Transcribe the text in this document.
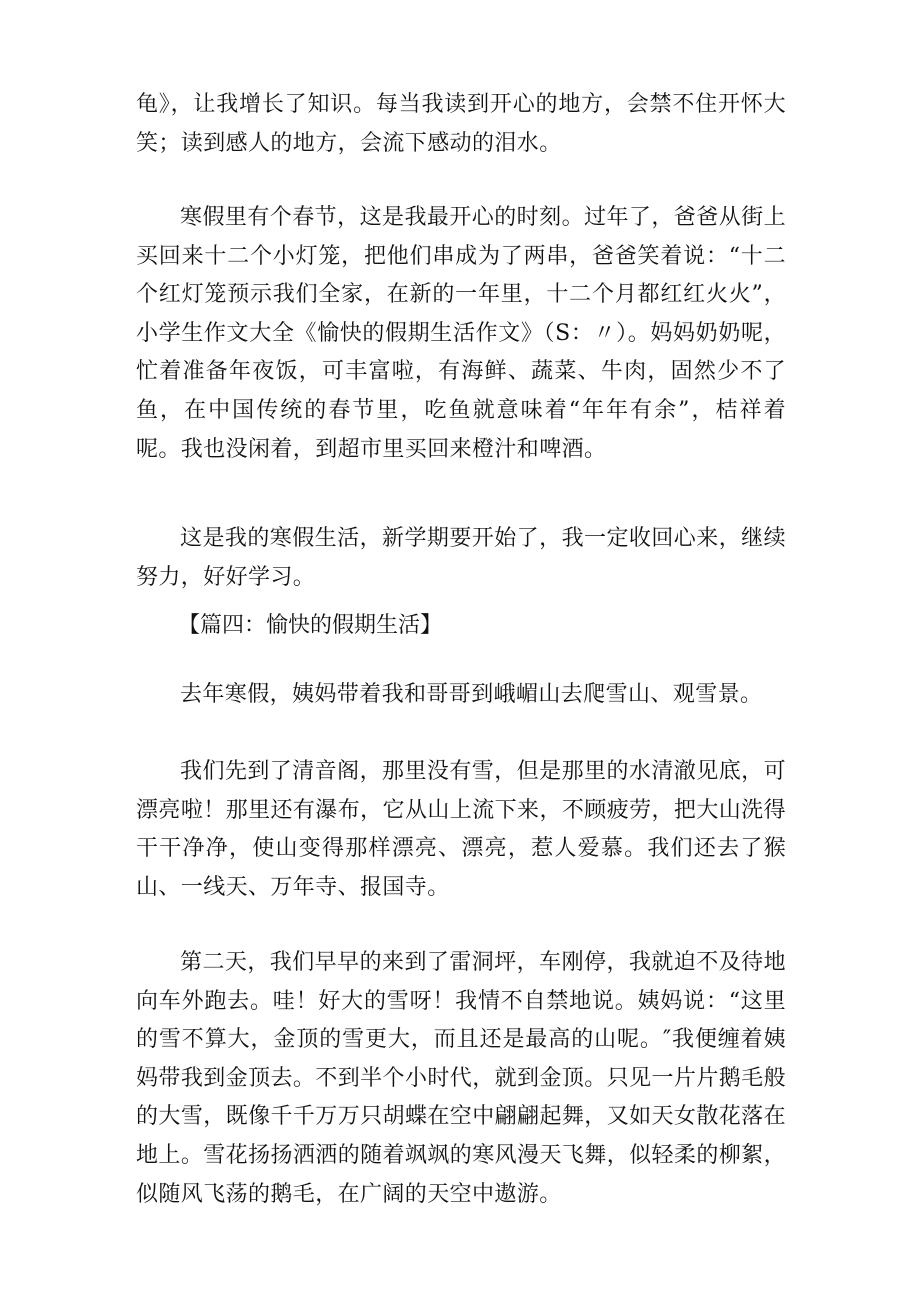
龟》，让我增长了知识。每当我读到开心的地方，会禁不住开怀大笑；读到感人的地方，会流下感动的泪水。

寒假里有个春节，这是我最开心的时刻。过年了，爸爸从街上买回来十二个小灯笼，把他们串成为了两串，爸爸笑着说：“十二个红灯笼预示我们全家，在新的一年里，十二个月都红红火火”，小学生作文大全《愉快的假期生活作文》（S：〃）。妈妈奶奶呢，忙着准备年夜饭，可丰富啦，有海鲜、蔬菜、牛肉，固然少不了鱼，在中国传统的春节里，吃鱼就意味着“年年有余”，桔祥着呢。我也没闲着，到超市里买回来橙汁和啤酒。

这是我的寒假生活，新学期要开始了，我一定收回心来，继续努力，好好学习。

【篇四：愉快的假期生活】

去年寒假，姨妈带着我和哥哥到峨嵋山去爬雪山、观雪景。

我们先到了清音阁，那里没有雪，但是那里的水清澈见底，可漂亮啦！那里还有瀑布，它从山上流下来，不顾疲劳，把大山洗得干干净净，使山变得那样漂亮、漂亮，惹人爱慕。我们还去了猴山、一线天、万年寺、报国寺。

第二天，我们早早的来到了雷洞坪，车刚停，我就迫不及待地向车外跑去。哇！好大的雪呀！我情不自禁地说。姨妈说：“这里的雪不算大，金顶的雪更大，而且还是最高的山呢。″我便缠着姨妈带我到金顶去。不到半个小时代，就到金顶。只见一片片鹅毛般的大雪，既像千千万万只胡蝶在空中翩翩起舞，又如天女散花落在地上。雪花扬扬洒洒的随着飒飒的寒风漫天飞舞，似轻柔的柳絮，似随风飞荡的鹅毛，在广阔的天空中遨游。
